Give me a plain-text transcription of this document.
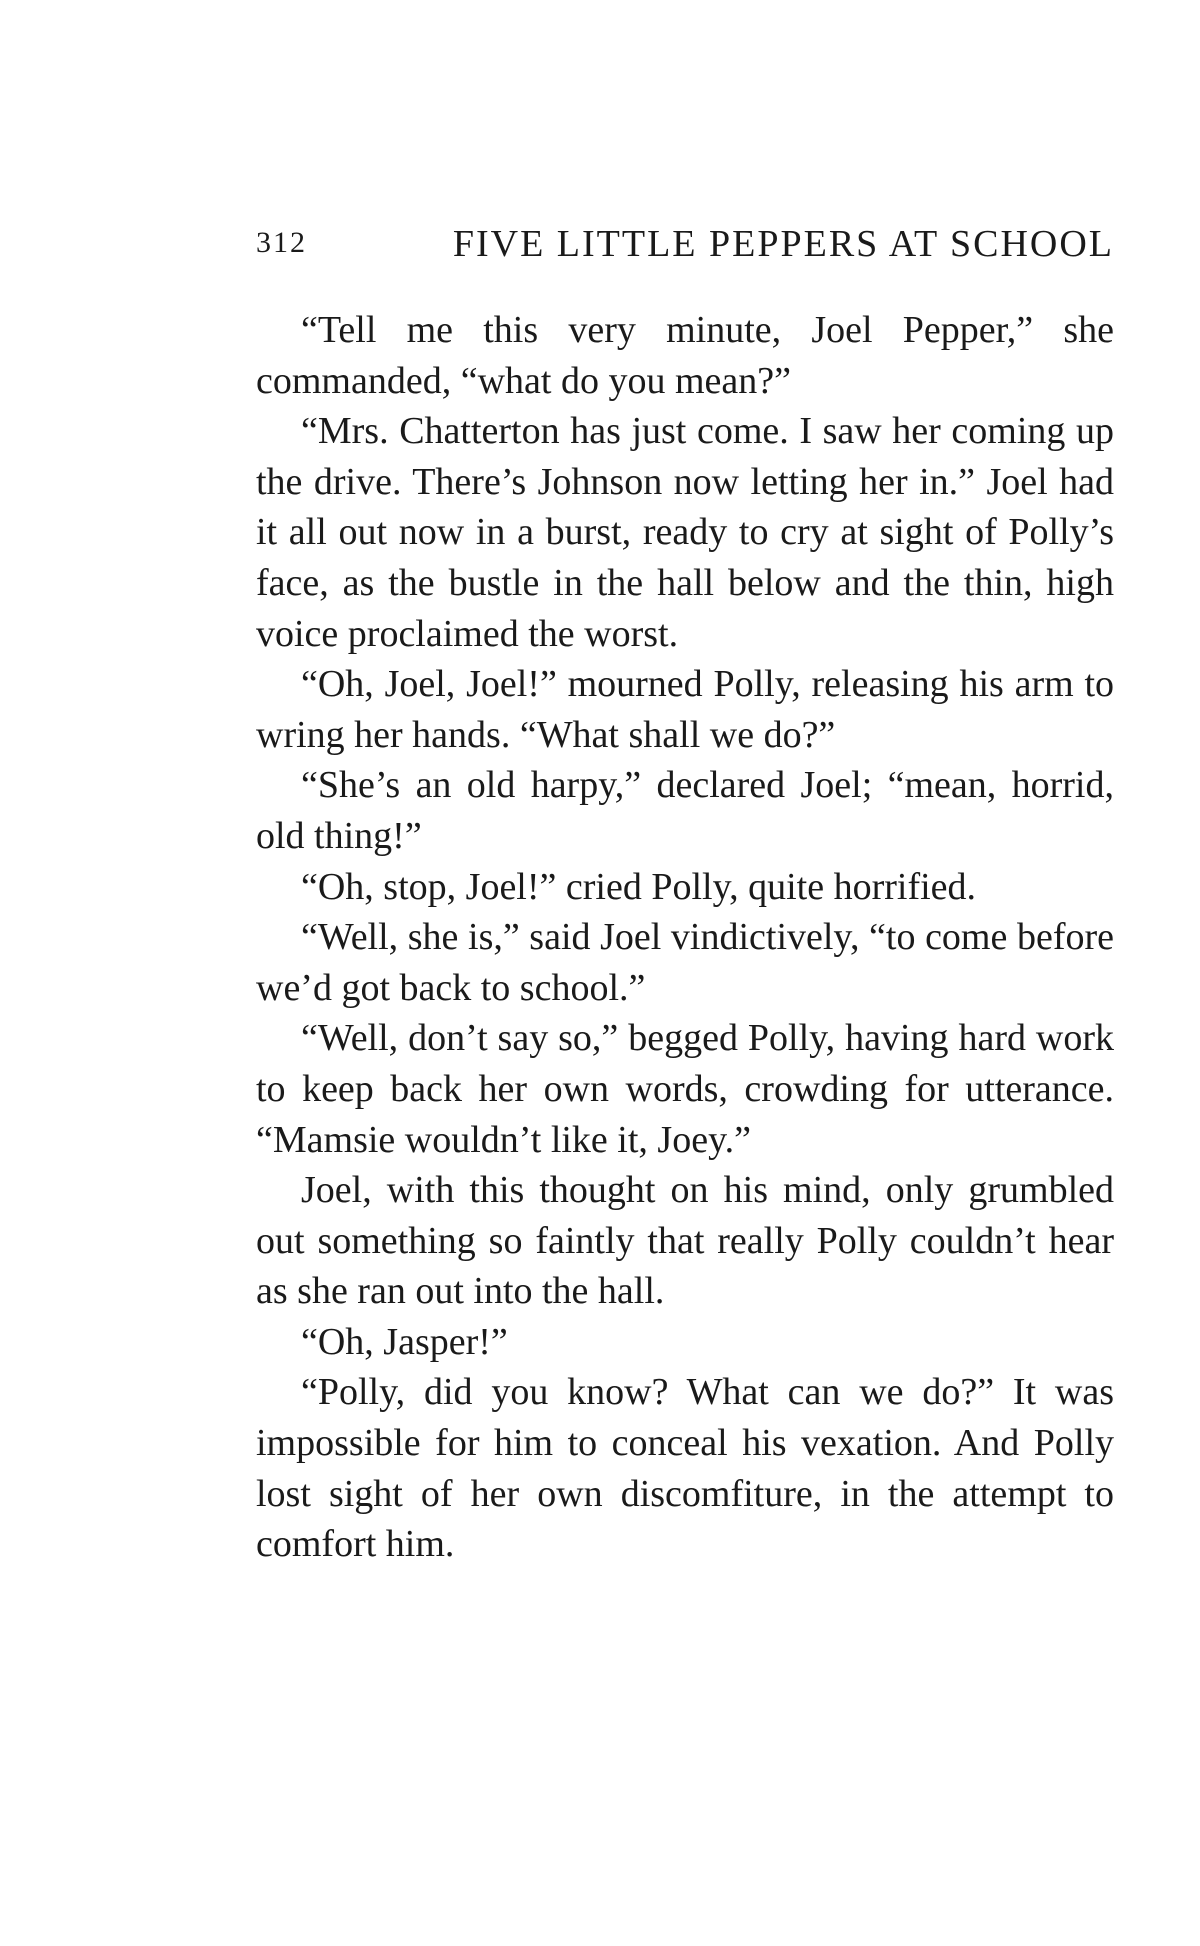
312	FIVE LITTLE PEPPERS AT SCHOOL

“Tell me this very minute, Joel Pepper,” she commanded, “what do you mean?”

“Mrs. Chatterton has just come. I saw her coming up the drive. There’s Johnson now letting her in.” Joel had it all out now in a burst, ready to cry at sight of Polly’s face, as the bustle in the hall below and the thin, high voice proclaimed the worst.

“Oh, Joel, Joel!” mourned Polly, releasing his arm to wring her hands. “What shall we do?”

“She’s an old harpy,” declared Joel; “mean, horrid, old thing!”

“Oh, stop, Joel!” cried Polly, quite horrified.

“Well, she is,” said Joel vindictively, “to come before we’d got back to school.”

“Well, don’t say so,” begged Polly, having hard work to keep back her own words, crowding for utterance. “Mamsie wouldn’t like it, Joey.”

Joel, with this thought on his mind, only grumbled out something so faintly that really Polly couldn’t hear as she ran out into the hall.

“Oh, Jasper!”

“Polly, did you know? What can we do?” It was impossible for him to conceal his vexation. And Polly lost sight of her own discomfiture, in the attempt to comfort him.
